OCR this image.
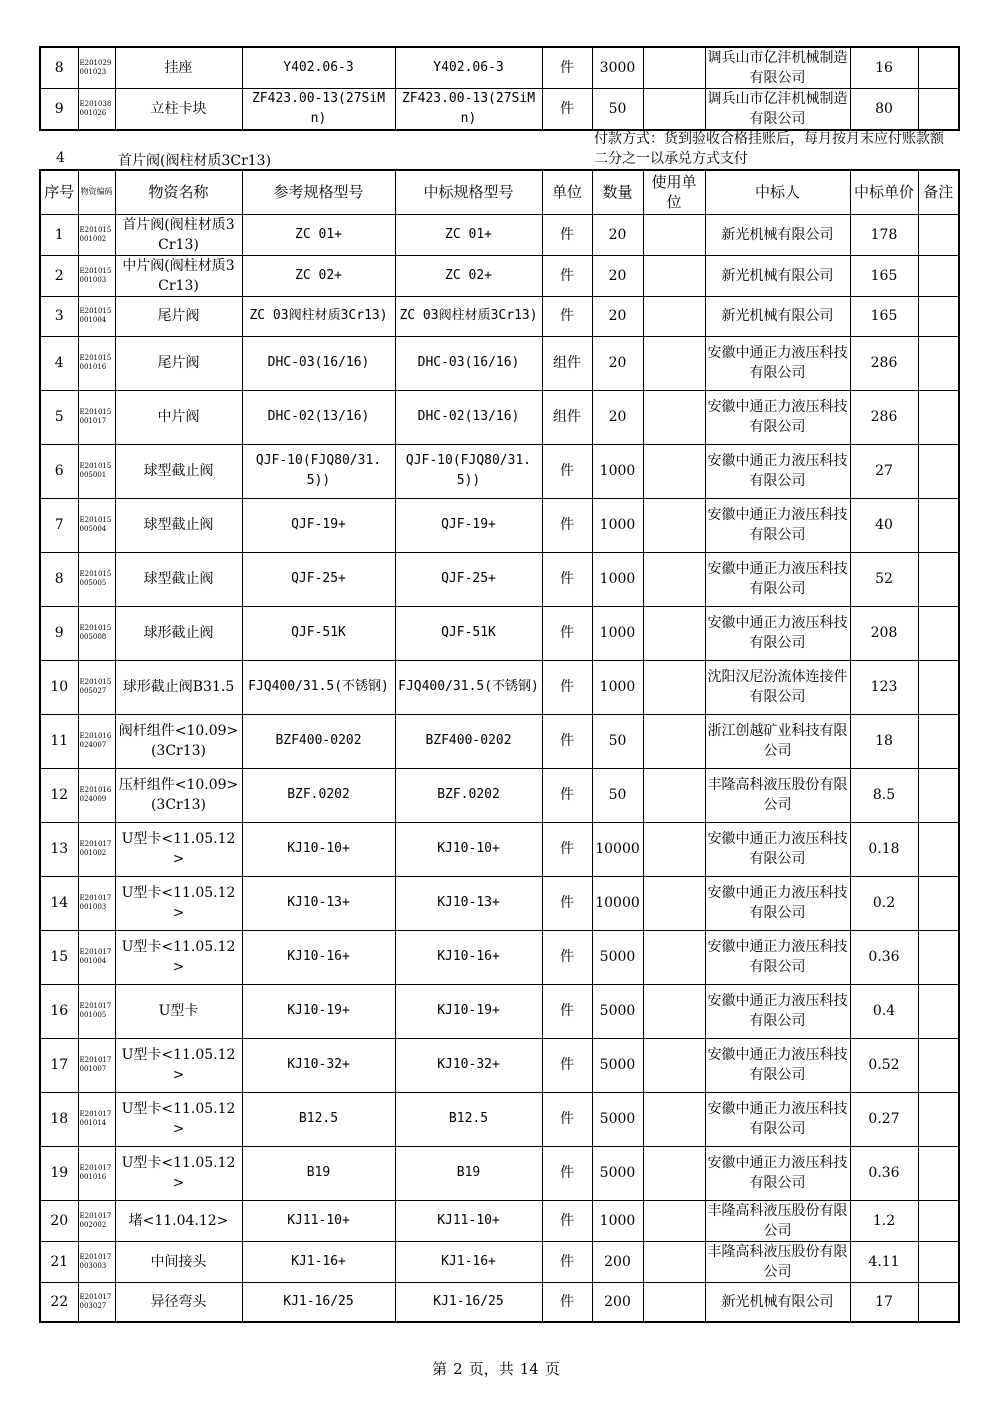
8	E201029001023	挂座	Y402.06-3	Y402.06-3	件	3000		调兵山市亿沣机械制造有限公司	16	
9	E201038001026	立柱卡块	ZF423.00-13(27SiMn)	ZF423.00-13(27SiMn)	件	50		调兵山市亿沣机械制造有限公司	80	
4	首片阀(阀柱材质3Cr13)
付款方式：货到验收合格挂账后，每月按月末应付账款额二分之一以承兑方式支付
序号	物资编码	物资名称	参考规格型号	中标规格型号	单位	数量	使用单位	中标人	中标单价	备注
1	E201015001002	首片阀(阀柱材质3Cr13)	ZC 01+	ZC 01+	件	20		新光机械有限公司	178	
2	E201015001003	中片阀(阀柱材质3Cr13)	ZC 02+	ZC 02+	件	20		新光机械有限公司	165	
3	E201015001004	尾片阀	ZC 03阀柱材质3Cr13)	ZC 03阀柱材质3Cr13)	件	20		新光机械有限公司	165	
4	E201015001016	尾片阀	DHC-03(16/16)	DHC-03(16/16)	组件	20		安徽中通正力液压科技有限公司	286	
5	E201015001017	中片阀	DHC-02(13/16)	DHC-02(13/16)	组件	20		安徽中通正力液压科技有限公司	286	
6	E201015005001	球型截止阀	QJF-10(FJQ80/31.5))	QJF-10(FJQ80/31.5))	件	1000		安徽中通正力液压科技有限公司	27	
7	E201015005004	球型截止阀	QJF-19+	QJF-19+	件	1000		安徽中通正力液压科技有限公司	40	
8	E201015005005	球型截止阀	QJF-25+	QJF-25+	件	1000		安徽中通正力液压科技有限公司	52	
9	E201015005008	球形截止阀	QJF-51K	QJF-51K	件	1000		安徽中通正力液压科技有限公司	208	
10	E201015005027	球形截止阀B31.5	FJQ400/31.5(不锈钢)	FJQ400/31.5(不锈钢)	件	1000		沈阳汉尼汾流体连接件有限公司	123	
11	E201016024007	阀杆组件<10.09>(3Cr13)	BZF400-0202	BZF400-0202	件	50		浙江创越矿业科技有限公司	18	
12	E201016024009	压杆组件<10.09>(3Cr13)	BZF.0202	BZF.0202	件	50		丰隆高科液压股份有限公司	8.5	
13	E201017001002	U型卡<11.05.12>	KJ10-10+	KJ10-10+	件	10000		安徽中通正力液压科技有限公司	0.18	
14	E201017001003	U型卡<11.05.12>	KJ10-13+	KJ10-13+	件	10000		安徽中通正力液压科技有限公司	0.2	
15	E201017001004	U型卡<11.05.12>	KJ10-16+	KJ10-16+	件	5000		安徽中通正力液压科技有限公司	0.36	
16	E201017001005	U型卡	KJ10-19+	KJ10-19+	件	5000		安徽中通正力液压科技有限公司	0.4	
17	E201017001007	U型卡<11.05.12>	KJ10-32+	KJ10-32+	件	5000		安徽中通正力液压科技有限公司	0.52	
18	E201017001014	U型卡<11.05.12>	B12.5	B12.5	件	5000		安徽中通正力液压科技有限公司	0.27	
19	E201017001016	U型卡<11.05.12>	B19	B19	件	5000		安徽中通正力液压科技有限公司	0.36	
20	E201017002002	堵<11.04.12>	KJ11-10+	KJ11-10+	件	1000		丰隆高科液压股份有限公司	1.2	
21	E201017003003	中间接头	KJ1-16+	KJ1-16+	件	200		丰隆高科液压股份有限公司	4.11	
22	E201017003027	异径弯头	KJ1-16/25	KJ1-16/25	件	200		新光机械有限公司	17	
第 2 页，共 14 页
